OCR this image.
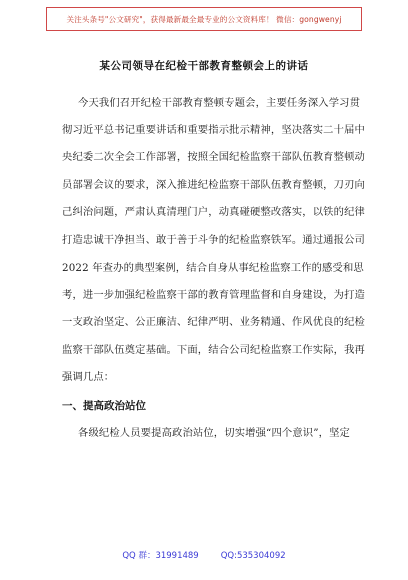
关注头条号"公文研究"，获得最新最全最专业的公文资料库！ 微信：gongwenyj
某公司领导在纪检干部教育整顿会上的讲话
今天我们召开纪检干部教育整顿专题会，主要任务深入学习贯
彻习近平总书记重要讲话和重要指示批示精神，坚决落实二十届中
央纪委二次全会工作部署，按照全国纪检监察干部队伍教育整顿动
员部署会议的要求，深入推进纪检监察干部队伍教育整顿，刀刃向
己纠治问题，严肃认真清理门户，动真碰硬整改落实，以铁的纪律
打造忠诚干净担当、敢于善于斗争的纪检监察铁军。通过通报公司
2022 年查办的典型案例，结合自身从事纪检监察工作的感受和思
考，进一步加强纪检监察干部的教育管理监督和自身建设，为打造
一支政治坚定、公正廉洁、纪律严明、业务精通、作风优良的纪检
监察干部队伍奠定基础。下面，结合公司纪检监察工作实际，我再
强调几点：
一、提高政治站位
各级纪检人员要提高政治站位，切实增强“四个意识”，坚定
QQ 群：31991489	QQ:535304092
